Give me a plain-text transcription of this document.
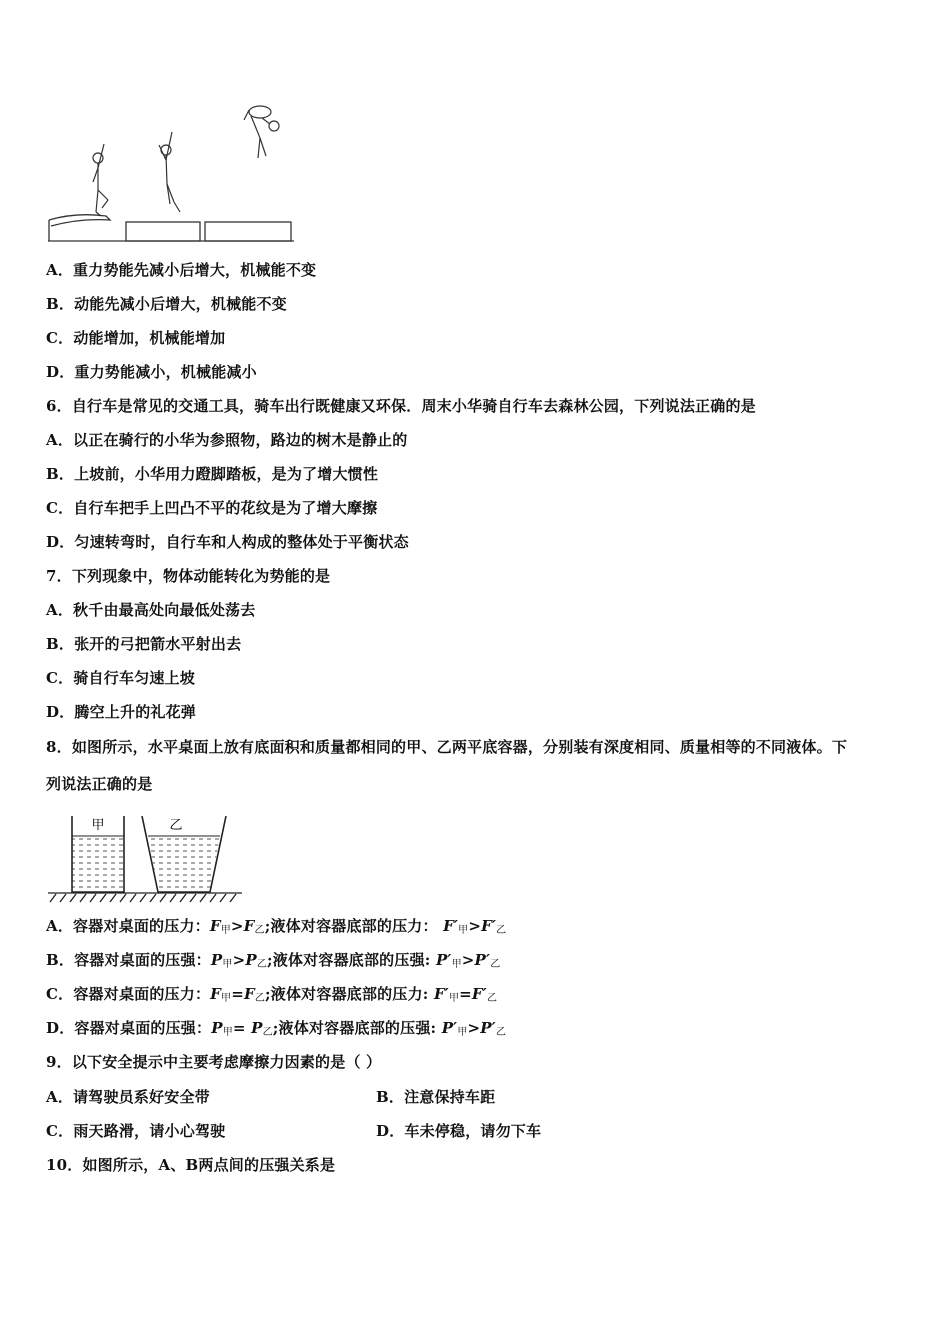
A．重力势能先减小后增大，机械能不变
B．动能先减小后增大，机械能不变
C．动能增加，机械能增加
D．重力势能减小，机械能减小
6．自行车是常见的交通工具，骑车出行既健康又环保．周末小华骑自行车去森林公园，下列说法正确的是
A．以正在骑行的小华为参照物，路边的树木是静止的
B．上坡前，小华用力蹬脚踏板，是为了增大惯性
C．自行车把手上凹凸不平的花纹是为了增大摩擦
D．匀速转弯时，自行车和人构成的整体处于平衡状态
7．下列现象中，物体动能转化为势能的是
A．秋千由最高处向最低处荡去
B．张开的弓把箭水平射出去
C．骑自行车匀速上坡
D．腾空上升的礼花弹
8．如图所示，水平桌面上放有底面积和质量都相同的甲、乙两平底容器，分别装有深度相同、质量相等的不同液体。下
列说法正确的是
甲	乙
A．容器对桌面的压力：$F_甲>F_乙$;液体对容器底部的压力： $F'_甲>F'_乙$
B．容器对桌面的压强：$P_甲>P_乙$;液体对容器底部的压强: $P'_甲>P'_乙$
C．容器对桌面的压力：$F_甲=F_乙$;液体对容器底部的压力: $F'_甲=F'_乙$
D．容器对桌面的压强：$P_甲= P_乙$;液体对容器底部的压强: $P'_甲>P'_乙$
9．以下安全提示中主要考虑摩擦力因素的是（ ）
A．请驾驶员系好安全带	B．注意保持车距
C．雨天路滑，请小心驾驶	D．车未停稳，请勿下车
10．如图所示，A、B两点间的压强关系是
